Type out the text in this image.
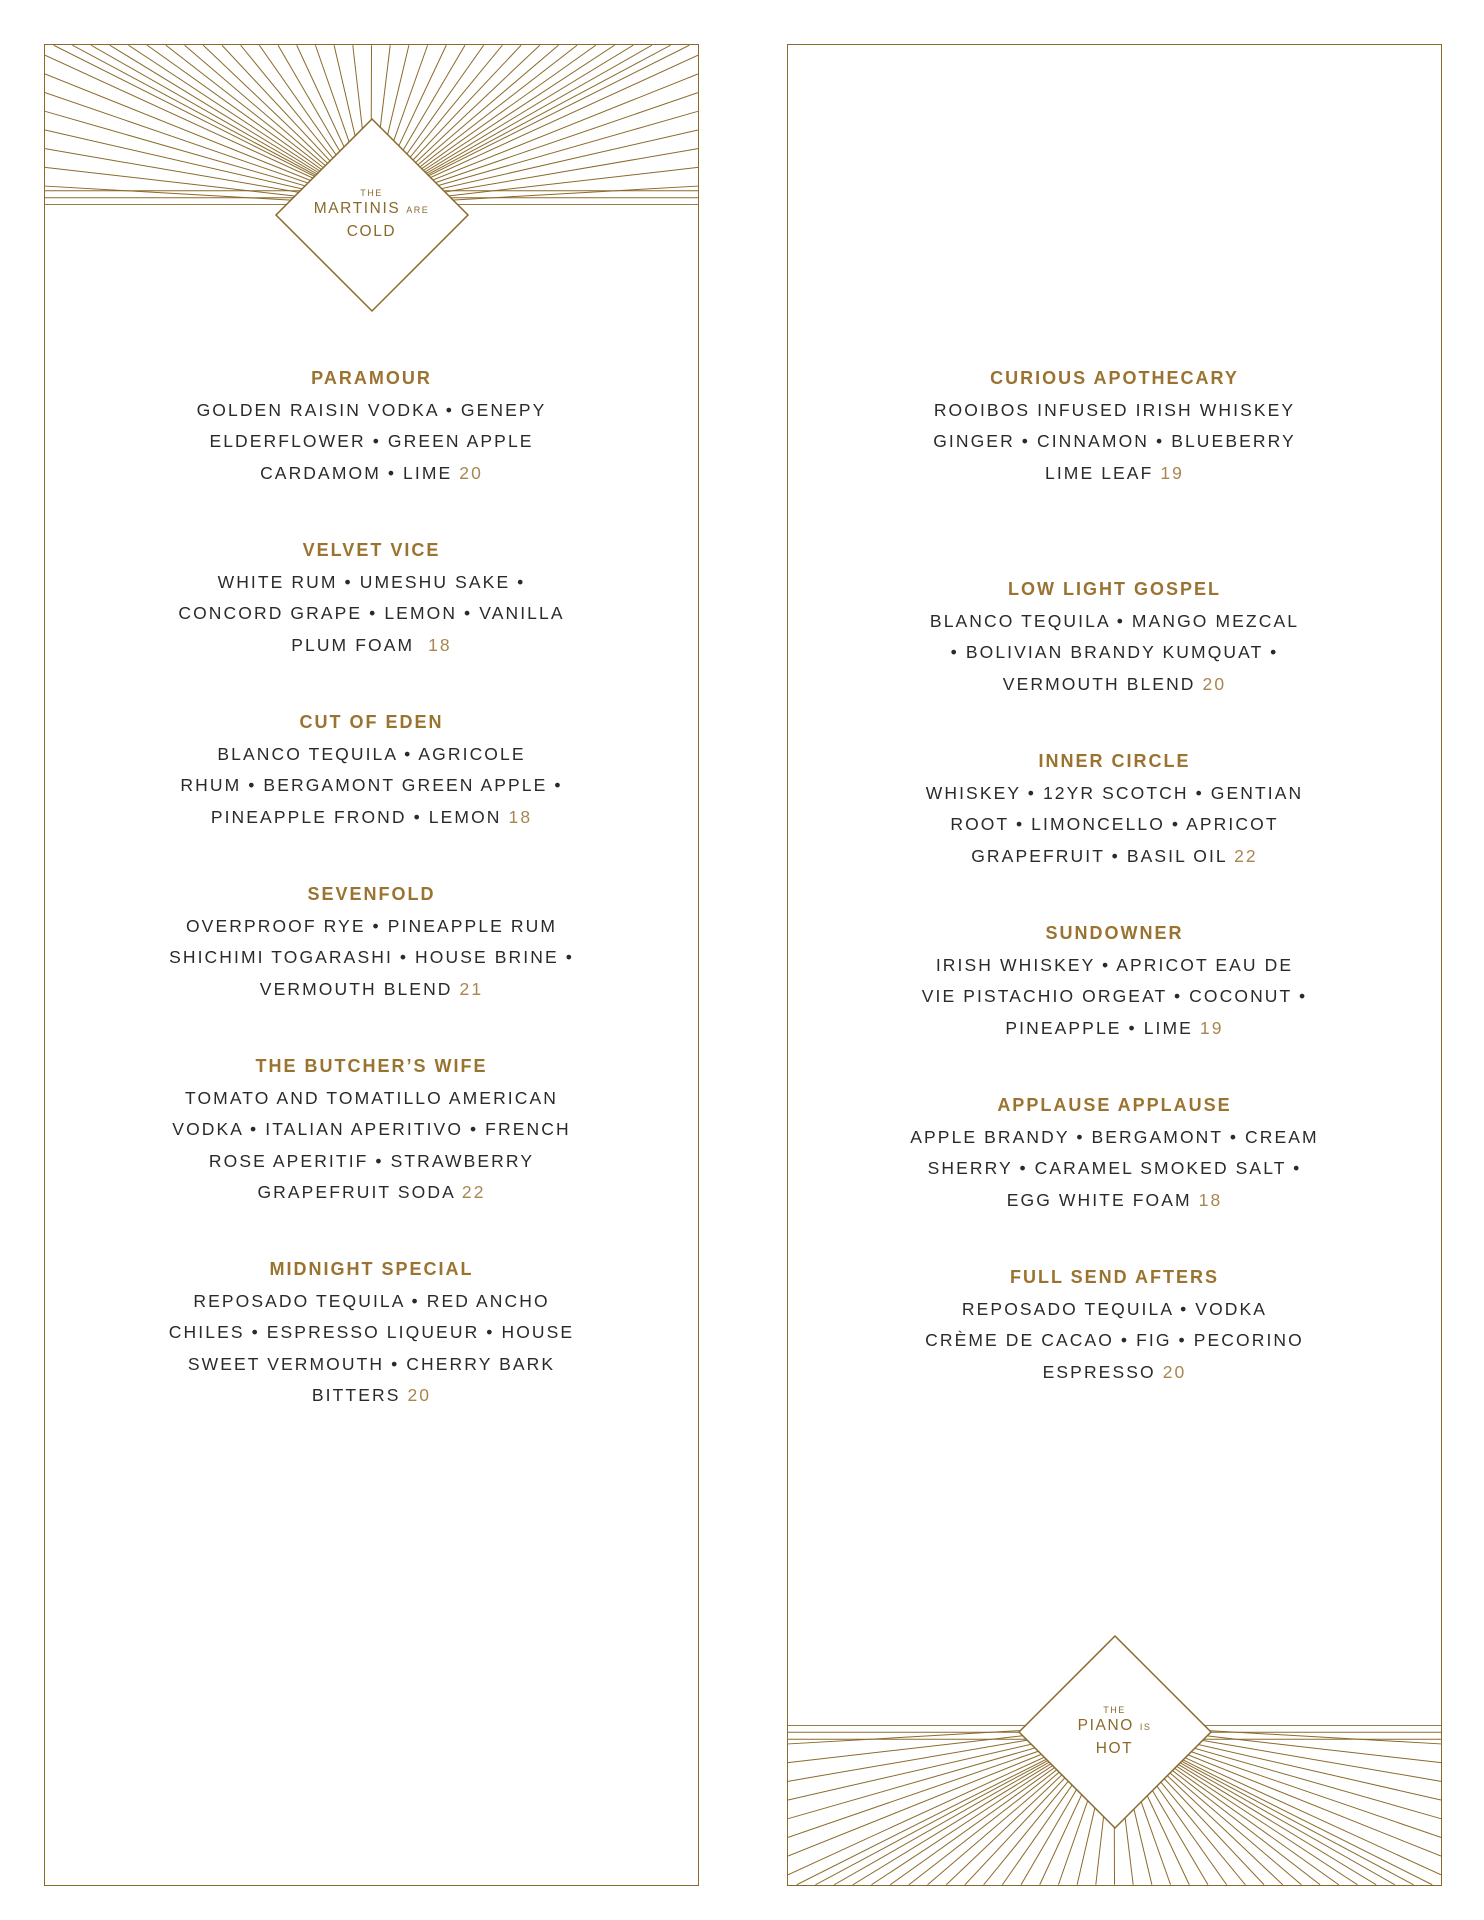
THE
MARTINIS ARE
COLD
PARAMOUR
GOLDEN RAISIN VODKA • GENEPY
ELDERFLOWER • GREEN APPLE
CARDAMOM • LIME 20
VELVET VICE
WHITE RUM • UMESHU SAKE •
CONCORD GRAPE • LEMON • VANILLA
PLUM FOAM 18
CUT OF EDEN
BLANCO TEQUILA • AGRICOLE
RHUM • BERGAMONT GREEN APPLE •
PINEAPPLE FROND • LEMON 18
SEVENFOLD
OVERPROOF RYE • PINEAPPLE RUM
SHICHIMI TOGARASHI • HOUSE BRINE •
VERMOUTH BLEND 21
THE BUTCHER’S WIFE
TOMATO AND TOMATILLO AMERICAN
VODKA • ITALIAN APERITIVO • FRENCH
ROSE APERITIF • STRAWBERRY
GRAPEFRUIT SODA 22
MIDNIGHT SPECIAL
REPOSADO TEQUILA • RED ANCHO
CHILES • ESPRESSO LIQUEUR • HOUSE
SWEET VERMOUTH • CHERRY BARK
BITTERS 20
THE
PIANO IS
HOT
CURIOUS APOTHECARY
ROOIBOS INFUSED IRISH WHISKEY
GINGER • CINNAMON • BLUEBERRY
LIME LEAF 19
LOW LIGHT GOSPEL
BLANCO TEQUILA • MANGO MEZCAL
• BOLIVIAN BRANDY KUMQUAT •
VERMOUTH BLEND 20
INNER CIRCLE
WHISKEY • 12YR SCOTCH • GENTIAN
ROOT • LIMONCELLO • APRICOT
GRAPEFRUIT • BASIL OIL 22
SUNDOWNER
IRISH WHISKEY • APRICOT EAU DE
VIE PISTACHIO ORGEAT • COCONUT •
PINEAPPLE • LIME 19
APPLAUSE APPLAUSE
APPLE BRANDY • BERGAMONT • CREAM
SHERRY • CARAMEL SMOKED SALT •
EGG WHITE FOAM 18
FULL SEND AFTERS
REPOSADO TEQUILA • VODKA
CRÈME DE CACAO • FIG • PECORINO
ESPRESSO 20
